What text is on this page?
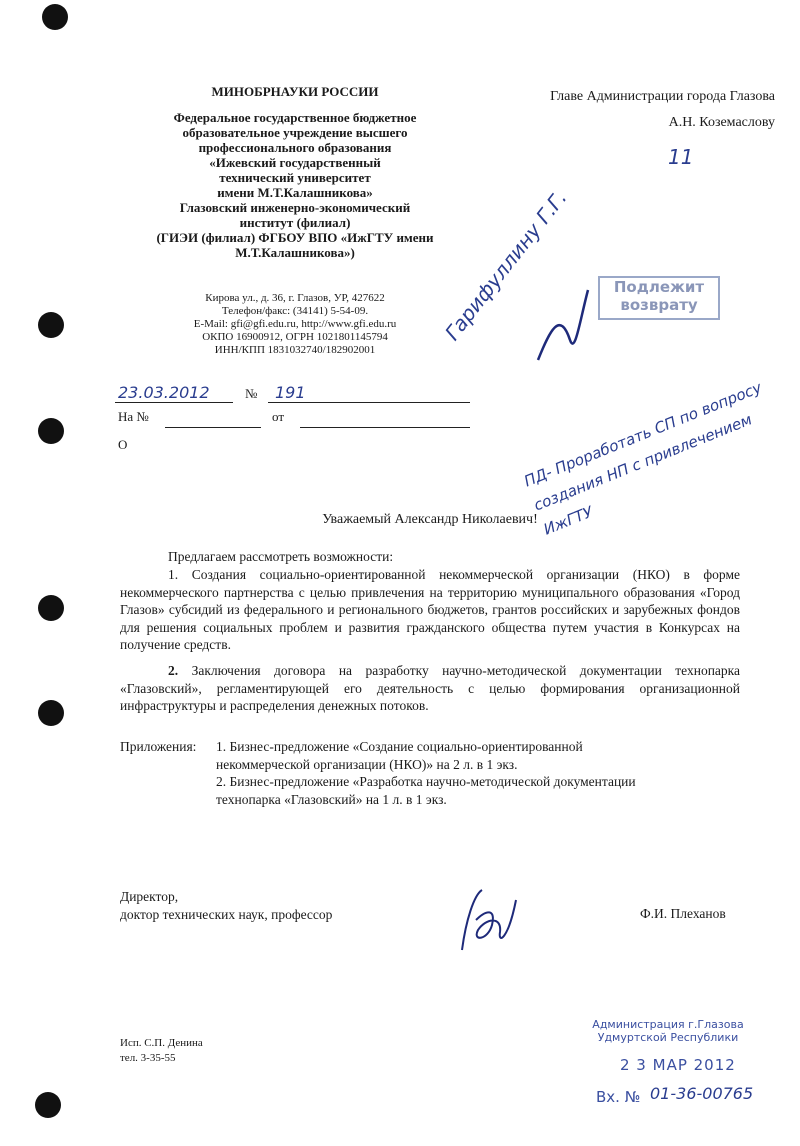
МИНОБРНАУКИ РОССИИ
Федеральное государственное бюджетное
образовательное учреждение высшего
профессионального образования
«Ижевский государственный
технический университет
имени М.Т.Калашникова»
Глазовский инженерно-экономический
институт (филиал)
(ГИЭИ (филиал) ФГБОУ ВПО «ИжГТУ имени
М.Т.Калашникова»)
Кирова ул., д. 36, г. Глазов, УР, 427622
Телефон/факс: (34141) 5-54-09.
E-Mail: gfi@gfi.edu.ru, http://www.gfi.edu.ru
ОКПО 16900912, ОГРН 1021801145794
ИНН/КПП 1831032740/182902001
23.03.2012	№ 191
На №	от
О
Главе Администрации города Глазова
А.Н. Коземаслову
11
Гарифуллину Г.Г.	Подлежит возврату
ПД- Проработать СП по вопросу создания НП с привлечением ИжГТУ
Уважаемый Александр Николаевич!
Предлагаем рассмотреть возможности:
1. Создания социально-ориентированной некоммерческой организации (НКО) в форме некоммерческого партнерства с целью привлечения на территорию муниципального образования «Город Глазов» субсидий из федерального и регионального бюджетов, грантов российских и зарубежных фондов для решения социальных проблем и развития гражданского общества путем участия в Конкурсах на получение средств.
2. Заключения договора на разработку научно-методической документации технопарка «Глазовский», регламентирующей его деятельность с целью формирования организационной инфраструктуры и распределения денежных потоков.
Приложения: 1. Бизнес-предложение «Создание социально-ориентированной
некоммерческой организации (НКО)» на 2 л. в 1 экз.
2. Бизнес-предложение «Разработка научно-методической документации
технопарка «Глазовский» на 1 л. в 1 экз.
Директор,
доктор технических наук, профессор	Ф.И. Плеханов
Исп. С.П. Денина
тел. 3-35-55
Администрация г.Глазова
Удмуртской Республики
2 3 МАР 2012
Вх. № 01-36-00765
